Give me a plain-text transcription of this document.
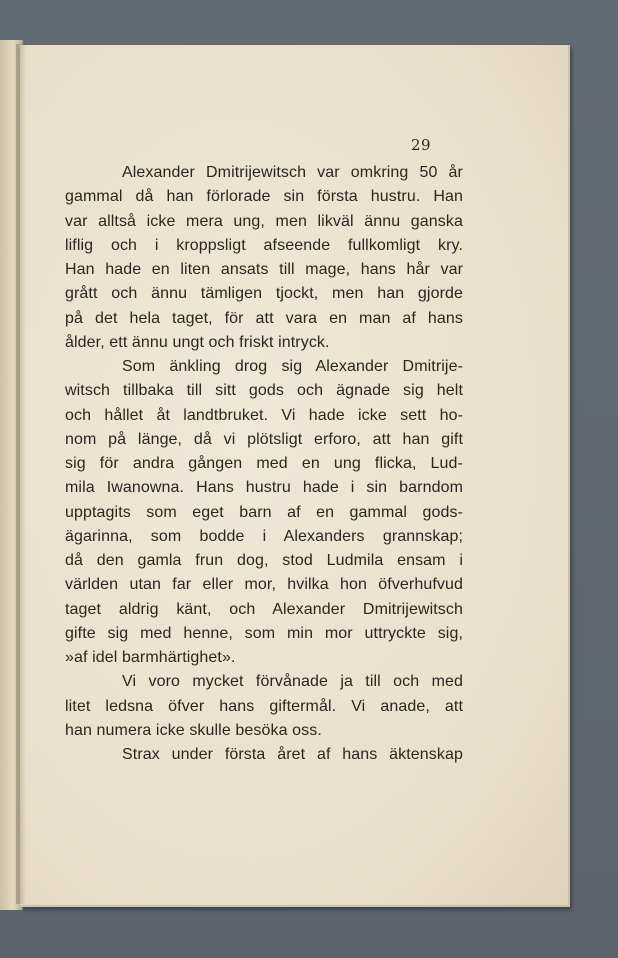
29
Alexander Dmitrijewitsch var omkring 50 år
gammal då han förlorade sin första hustru. Han
var alltså icke mera ung, men likväl ännu ganska
liflig och i kroppsligt afseende fullkomligt kry.
Han hade en liten ansats till mage, hans hår var
grått och ännu tämligen tjockt, men han gjorde
på det hela taget, för att vara en man af hans
ålder, ett ännu ungt och friskt intryck.
Som änkling drog sig Alexander Dmitrije-
witsch tillbaka till sitt gods och ägnade sig helt
och hållet åt landtbruket. Vi hade icke sett ho-
nom på länge, då vi plötsligt erforo, att han gift
sig för andra gången med en ung flicka, Lud-
mila Iwanowna. Hans hustru hade i sin barndom
upptagits som eget barn af en gammal gods-
ägarinna, som bodde i Alexanders grannskap;
då den gamla frun dog, stod Ludmila ensam i
världen utan far eller mor, hvilka hon öfverhufvud
taget aldrig känt, och Alexander Dmitrijewitsch
gifte sig med henne, som min mor uttryckte sig,
»af idel barmhärtighet».
Vi voro mycket förvånade ja till och med
litet ledsna öfver hans giftermål. Vi anade, att
han numera icke skulle besöka oss.
Strax under första året af hans äktenskap
